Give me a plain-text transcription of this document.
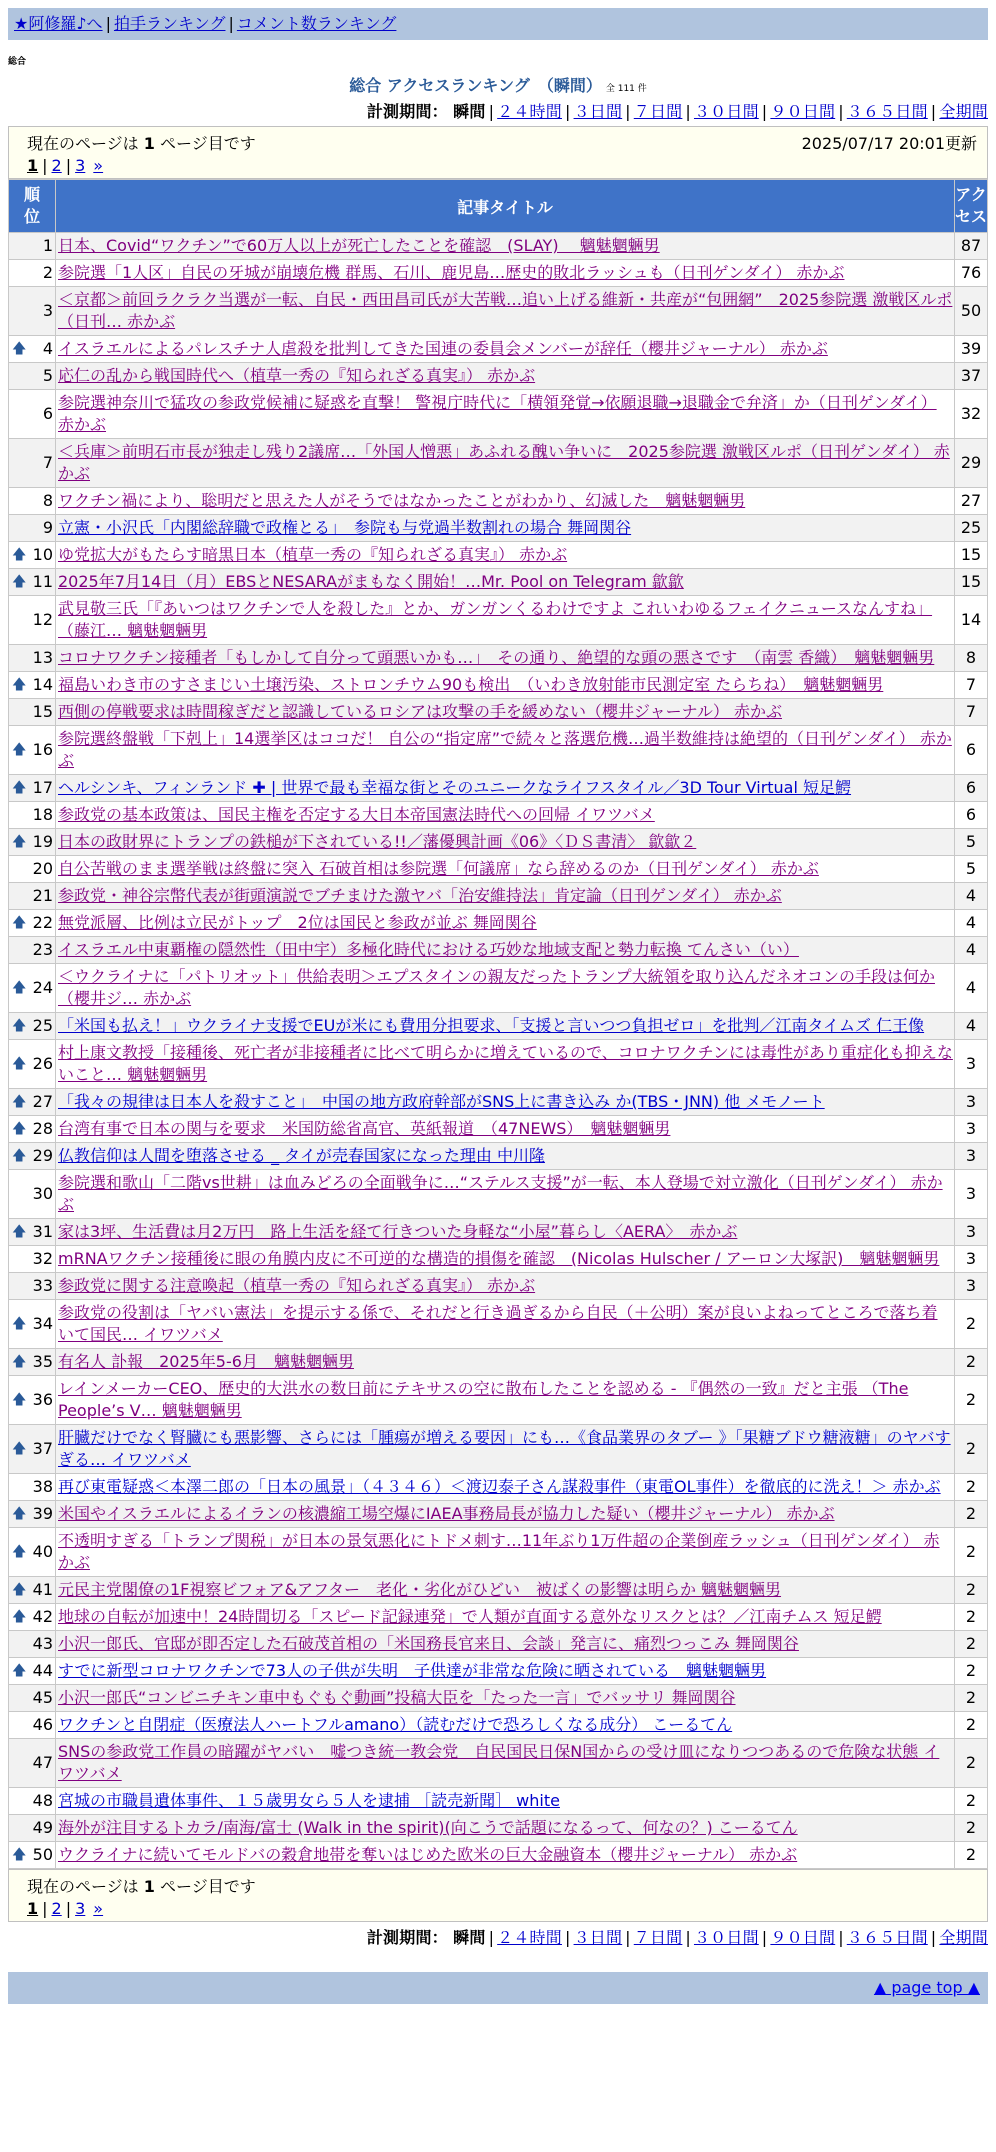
★阿修羅♪へ | 拍手ランキング | コメント数ランキング
総合
総合 アクセスランキング　（瞬間） 全 111 件
計測期間： 瞬間 | ２４時間 | ３日間 | ７日間 | ３０日間 | ９０日間 | ３６５日間 | 全期間
現在のページは 1 ページ目です	2025/07/17 20:01更新
1 | 2 | 3 »
順
位	記事タイトル	アク
セス
1	日本、Covid“ワクチン”で60万人以上が死亡したことを確認　(SLAY)　 魑魅魍魎男	87
2	参院選「1人区」自民の牙城が崩壊危機 群馬、石川、鹿児島…歴史的敗北ラッシュも（日刊ゲンダイ） 赤かぶ	76
3	＜京都＞前回ラクラク当選が一転、自民・西田昌司氏が大苦戦…追い上げる維新・共産が“包囲網”　2025参院選 激戦区ルポ（日刊… 赤かぶ	50

🡅 4	イスラエルによるパレスチナ人虐殺を批判してきた国連の委員会メンバーが辞任（櫻井ジャーナル） 赤かぶ	39
5	応仁の乱から戦国時代へ（植草一秀の『知られざる真実』） 赤かぶ	37
6	参院選神奈川で猛攻の参政党候補に疑惑を直撃！ 警視庁時代に「横領発覚→依願退職→退職金で弁済」か（日刊ゲンダイ） 赤かぶ	32
7	＜兵庫＞前明石市長が独走し残り2議席…「外国人憎悪」あふれる醜い争いに　2025参院選 激戦区ルポ（日刊ゲンダイ） 赤かぶ	29
8	ワクチン禍により、聡明だと思えた人がそうではなかったことがわかり、幻滅した　魑魅魍魎男	27
9	立憲・小沢氏「内閣総辞職で政権とる」　参院も与党過半数割れの場合 舞岡関谷	25

🡅 10	ゆ党拡大がもたらす暗黒日本（植草一秀の『知られざる真実』） 赤かぶ	15

🡅 11	2025年7月14日（月）EBSとNESARAがまもなく開始！…Mr. Pool on Telegram 歙歙	15
12	武見敬三氏「『あいつはワクチンで人を殺した』とか、ガンガンくるわけですよ これいわゆるフェイクニュースなんすね」（藤江… 魑魅魍魎男	14
13	コロナワクチン接種者「もしかして自分って頭悪いかも…」　その通り、絶望的な頭の悪さです　（南雲 香織）　魑魅魍魎男	8

🡅 14	福島いわき市のすさまじい土壌汚染、ストロンチウム90も検出　（いわき放射能市民測定室 たらちね）　魑魅魍魎男	7
15	西側の停戦要求は時間稼ぎだと認識しているロシアは攻撃の手を緩めない（櫻井ジャーナル） 赤かぶ	7

🡅 16	参院選終盤戦「下剋上」14選挙区はココだ！ 自公の“指定席”で続々と落選危機…過半数維持は絶望的（日刊ゲンダイ） 赤かぶ	6

🡅 17	ヘルシンキ、フィンランド ✚ | 世界で最も幸福な街とそのユニークなライフスタイル／3D Tour Virtual 短足鰐	6
18	参政党の基本政策は、国民主権を否定する大日本帝国憲法時代への回帰 イワツバメ	6

🡅 19	日本の政財界にトランプの鉄槌が下されている!!／藩優興計画《06》〈ＤＳ書清〉 歙歙２	5
20	自公苦戦のまま選挙戦は終盤に突入 石破首相は参院選「何議席」なら辞めるのか（日刊ゲンダイ） 赤かぶ	5
21	参政党・神谷宗幣代表が街頭演説でブチまけた激ヤバ「治安維持法」肯定論（日刊ゲンダイ） 赤かぶ	4

🡅 22	無党派層、比例は立民がトップ　2位は国民と参政が並ぶ 舞岡関谷	4
23	イスラエル中東覇権の隠然性（田中宇）多極化時代における巧妙な地域支配と勢力転換 てんさい（い）	4

🡅 24	＜ウクライナに「パトリオット」供給表明＞エプスタインの親友だったトランプ大統領を取り込んだネオコンの手段は何か（櫻井ジ… 赤かぶ	4

🡅 25	「米国も払え！」ウクライナ支援でEUが米にも費用分担要求、「支援と言いつつ負担ゼロ」を批判／江南タイムズ 仁王像	4

🡅 26	村上康文教授「接種後、死亡者が非接種者に比べて明らかに増えているので、コロナワクチンには毒性があり重症化も抑えないこと… 魑魅魍魎男	3

🡅 27	「我々の規律は日本人を殺すこと」　中国の地方政府幹部がSNS上に書き込み か(TBS・JNN) 他 メモノート	3

🡅 28	台湾有事で日本の関与を要求　米国防総省高官、英紙報道　（47NEWS）　魑魅魍魎男	3

🡅 29	仏教信仰は人間を堕落させる _ タイが売春国家になった理由 中川隆	3
30	参院選和歌山「二階vs世耕」は血みどろの全面戦争に…“ステルス支援”が一転、本人登場で対立激化（日刊ゲンダイ） 赤かぶ	3

🡅 31	家は3坪、生活費は月2万円　路上生活を経て行きついた身軽な“小屋”暮らし〈AERA〉　赤かぶ	3
32	mRNAワクチン接種後に眼の角膜内皮に不可逆的な構造的損傷を確認　(Nicolas Hulscher / アーロン大塚訳)　魑魅魍魎男	3
33	参政党に関する注意喚起（植草一秀の『知られざる真実』） 赤かぶ	3

🡅 34	参政党の役割は「ヤバい憲法」を提示する係で、それだと行き過ぎるから自民（＋公明）案が良いよねってところで落ち着いて国民… イワツバメ	2

🡅 35	有名人 訃報　2025年5-6月　魑魅魍魎男	2

🡅 36	レインメーカーCEO、歴史的大洪水の数日前にテキサスの空に散布したことを認める - 『偶然の一致』だと主張 （The People’s V… 魑魅魍魎男	2

🡅 37	肝臓だけでなく腎臓にも悪影響、さらには「腫瘍が増える要因」にも…《食品業界のタブー 》「果糖ブドウ糖液糖」のヤバすぎる… イワツバメ	2
38	再び東電疑惑＜本澤二郎の「日本の風景」（４３４６）＜渡辺泰子さん謀殺事件（東電OL事件）を徹底的に洗え！＞ 赤かぶ	2

🡅 39	米国やイスラエルによるイランの核濃縮工場空爆にIAEA事務局長が協力した疑い（櫻井ジャーナル） 赤かぶ	2

🡅 40	不透明すぎる「トランプ関税」が日本の景気悪化にトドメ刺す…11年ぶり1万件超の企業倒産ラッシュ（日刊ゲンダイ） 赤かぶ	2

🡅 41	元民主党閣僚の1F視察ビフォア&アフター　老化・劣化がひどい　被ばくの影響は明らか 魑魅魍魎男	2

🡅 42	地球の自転が加速中！24時間切る「スピード記録連発」で人類が直面する意外なリスクとは？／江南チムス 短足鰐	2
43	小沢一郎氏、官邸が即否定した石破茂首相の「米国務長官来日、会談」発言に、痛烈つっこみ 舞岡関谷	2

🡅 44	すでに新型コロナワクチンで73人の子供が失明　子供達が非常な危険に晒されている　魑魅魍魎男	2
45	小沢一郎氏“コンビニチキン車中もぐもぐ動画”投稿大臣を「たった一言」でバッサリ 舞岡関谷	2
46	ワクチンと自閉症（医療法人ハートフルamano）（読むだけで恐ろしくなる成分） こーるてん	2
47	SNSの参政党工作員の暗躍がヤバい　嘘つき統一教会党　自民国民日保N国からの受け皿になりつつあるので危険な状態 イワツバメ	2
48	宮城の市職員遺体事件、１５歳男女ら５人を逮捕 ［読売新聞］ white	2
49	海外が注目するトカラ/南海/富士 (Walk in the spirit)(向こうで話題になるって、何なの？) こーるてん	2

🡅 50	ウクライナに続いてモルドバの穀倉地帯を奪いはじめた欧米の巨大金融資本（櫻井ジャーナル） 赤かぶ	2
現在のページは 1 ページ目です
1 | 2 | 3 »
計測期間： 瞬間 | ２４時間 | ３日間 | ７日間 | ３０日間 | ９０日間 | ３６５日間 | 全期間
▲ page top ▲
